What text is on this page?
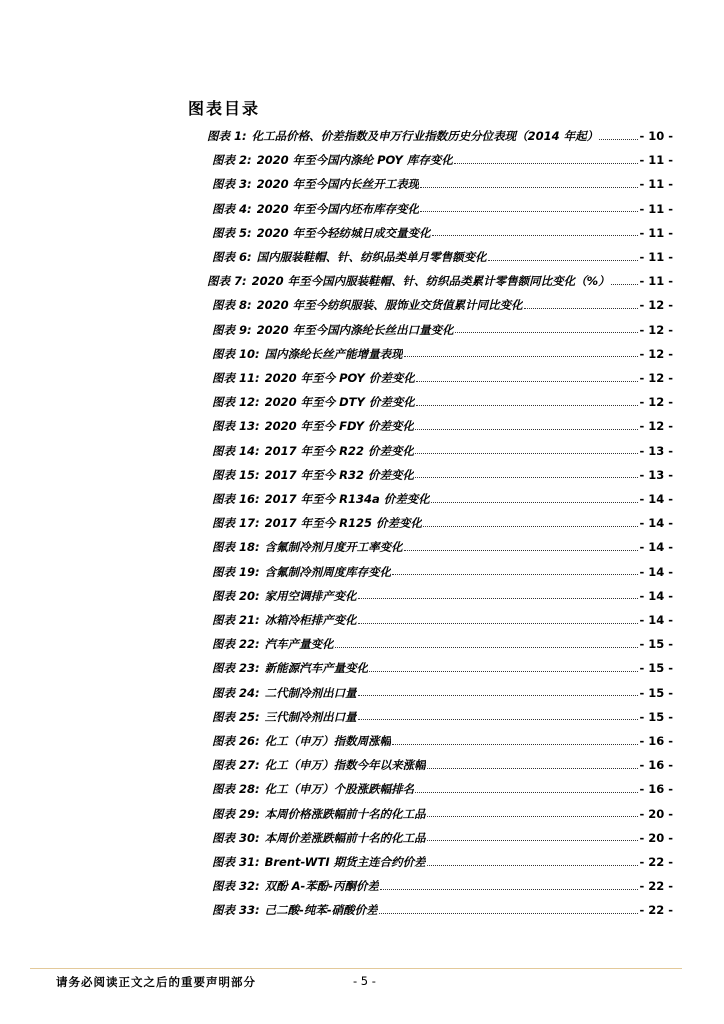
图表目录
图表 1: 化工品价格、价差指数及申万行业指数历史分位表现（2014 年起）	- 10 -
图表 2: 2020 年至今国内涤纶 POY 库存变化	- 11 -
图表 3: 2020 年至今国内长丝开工表现	- 11 -
图表 4: 2020 年至今国内坯布库存变化	- 11 -
图表 5: 2020 年至今轻纺城日成交量变化	- 11 -
图表 6: 国内服装鞋帽、针、纺织品类单月零售额变化	- 11 -
图表 7: 2020 年至今国内服装鞋帽、针、纺织品类累计零售额同比变化（%）	- 11 -
图表 8: 2020 年至今纺织服装、服饰业交货值累计同比变化	- 12 -
图表 9: 2020 年至今国内涤纶长丝出口量变化	- 12 -
图表 10: 国内涤纶长丝产能增量表现	- 12 -
图表 11: 2020 年至今 POY 价差变化	- 12 -
图表 12: 2020 年至今 DTY 价差变化	- 12 -
图表 13: 2020 年至今 FDY 价差变化	- 12 -
图表 14: 2017 年至今 R22 价差变化	- 13 -
图表 15: 2017 年至今 R32 价差变化	- 13 -
图表 16: 2017 年至今 R134a 价差变化	- 14 -
图表 17: 2017 年至今 R125 价差变化	- 14 -
图表 18: 含氟制冷剂月度开工率变化	- 14 -
图表 19: 含氟制冷剂周度库存变化	- 14 -
图表 20: 家用空调排产变化	- 14 -
图表 21: 冰箱冷柜排产变化	- 14 -
图表 22: 汽车产量变化	- 15 -
图表 23: 新能源汽车产量变化	- 15 -
图表 24: 二代制冷剂出口量	- 15 -
图表 25: 三代制冷剂出口量	- 15 -
图表 26: 化工（申万）指数周涨幅	- 16 -
图表 27: 化工（申万）指数今年以来涨幅	- 16 -
图表 28: 化工（申万）个股涨跌幅排名	- 16 -
图表 29: 本周价格涨跌幅前十名的化工品	- 20 -
图表 30: 本周价差涨跌幅前十名的化工品	- 20 -
图表 31: Brent-WTI 期货主连合约价差	- 22 -
图表 32: 双酚 A-苯酚-丙酮价差	- 22 -
图表 33: 己二酸-纯苯-硝酸价差	- 22 -
请务必阅读正文之后的重要声明部分	- 5 -
